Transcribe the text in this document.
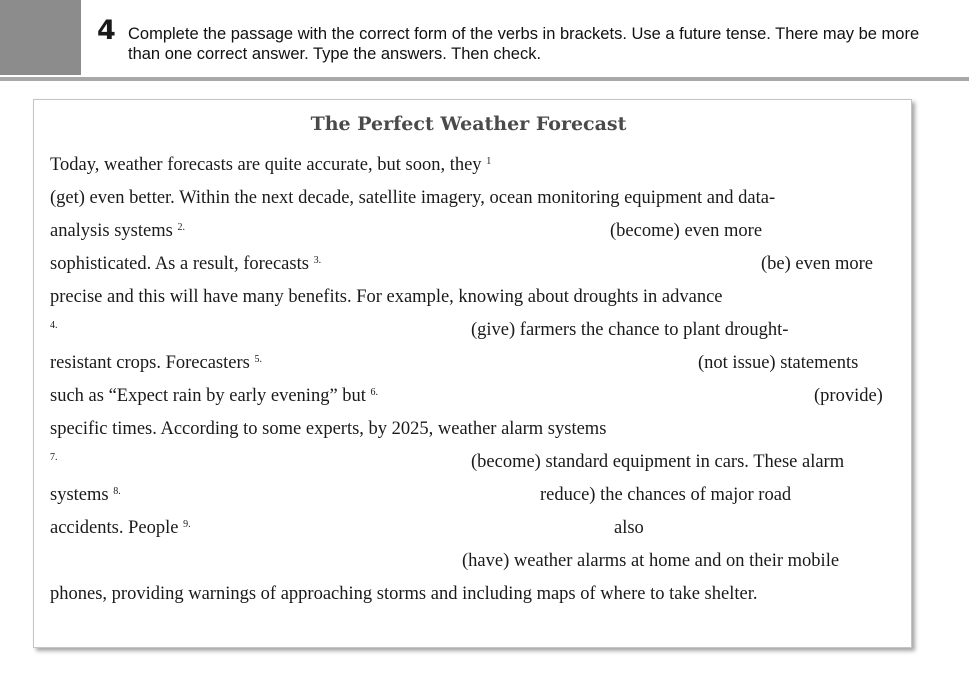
4 Complete the passage with the correct form of the verbs in brackets. Use a future tense. There may be more than one correct answer. Type the answers. Then check.
The Perfect Weather Forecast
Today, weather forecasts are quite accurate, but soon, they $^1$
(get) even better. Within the next decade, satellite imagery, ocean monitoring equipment and data-
analysis systems $^{2.}$	(become) even more
sophisticated. As a result, forecasts $^{3.}$	(be) even more
precise and this will have many benefits. For example, knowing about droughts in advance
4.	(give) farmers the chance to plant drought-
resistant crops. Forecasters $^{5.}$	(not issue) statements
such as “Expect rain by early evening” but $^{6.}$	(provide)
specific times. According to some experts, by 2025, weather alarm systems
7.	(become) standard equipment in cars. These alarm
systems $^{8.}$	reduce) the chances of major road
accidents. People $^{9.}$	also
(have) weather alarms at home and on their mobile
phones, providing warnings of approaching storms and including maps of where to take shelter.
